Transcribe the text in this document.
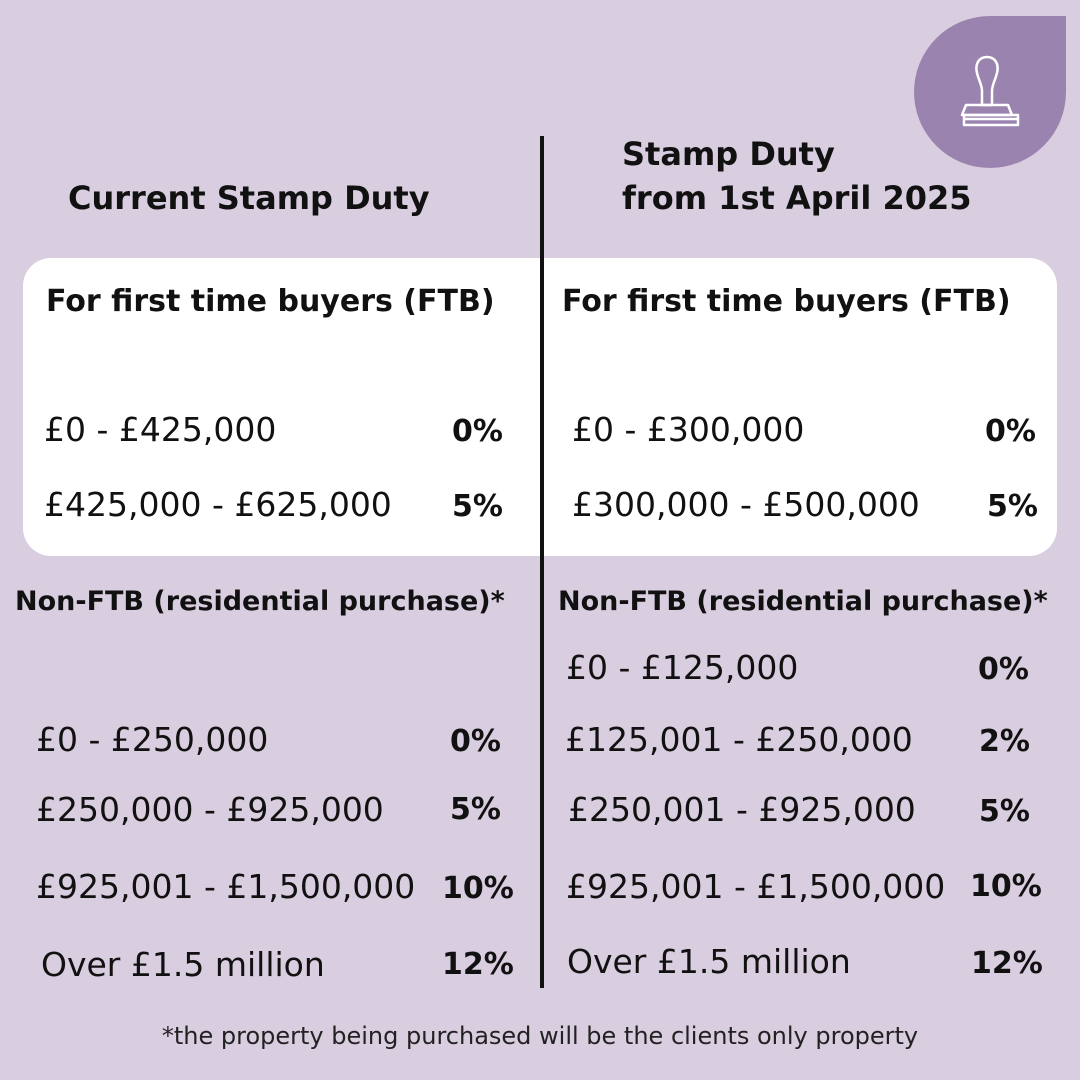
Current Stamp Duty
Stamp Duty
from 1st April 2025
For first time buyers (FTB) For first time buyers (FTB)
£0 - £425,000	0%
£425,000 - £625,000 5%
£0 - £300,000	0%
£300,000 - £500,000 5%
Non-FTB (residential purchase)* Non-FTB (residential purchase)*
£0 - £250,000	0%
£250,000 - £925,000 5%
£925,001 - £1,500,000 10%
Over £1.5 million	12%
£0 - £125,000	0%
£125,001 - £250,000 2%
£250,001 - £925,000 5%
£925,001 - £1,500,000 10%
Over £1.5 million	12%
*the property being purchased will be the clients only property
